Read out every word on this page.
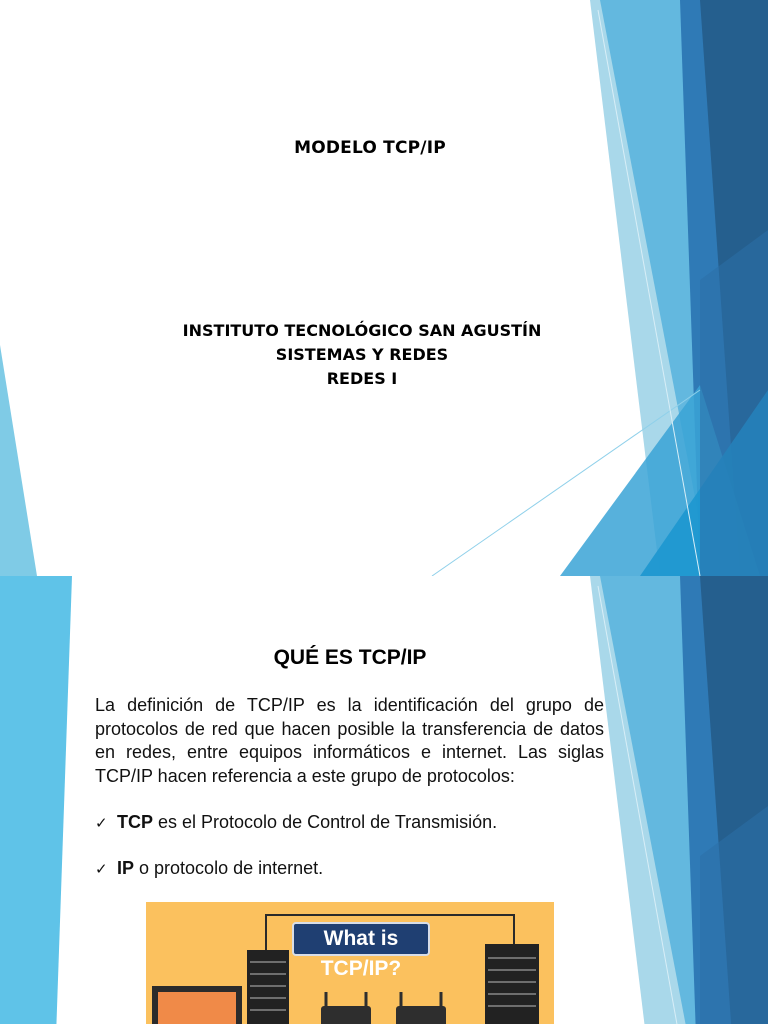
MODELO TCP/IP
INSTITUTO TECNOLÓGICO SAN AGUSTÍN
SISTEMAS Y REDES
REDES I
QUÉ ES TCP/IP
La definición de TCP/IP es la identificación del grupo de protocolos de red que hacen posible la transferencia de datos en redes, entre equipos informáticos e internet. Las siglas TCP/IP hacen referencia a este grupo de protocolos:
✓ TCP es el Protocolo de Control de Transmisión.
✓ IP o protocolo de internet.
What is TCP/IP?
